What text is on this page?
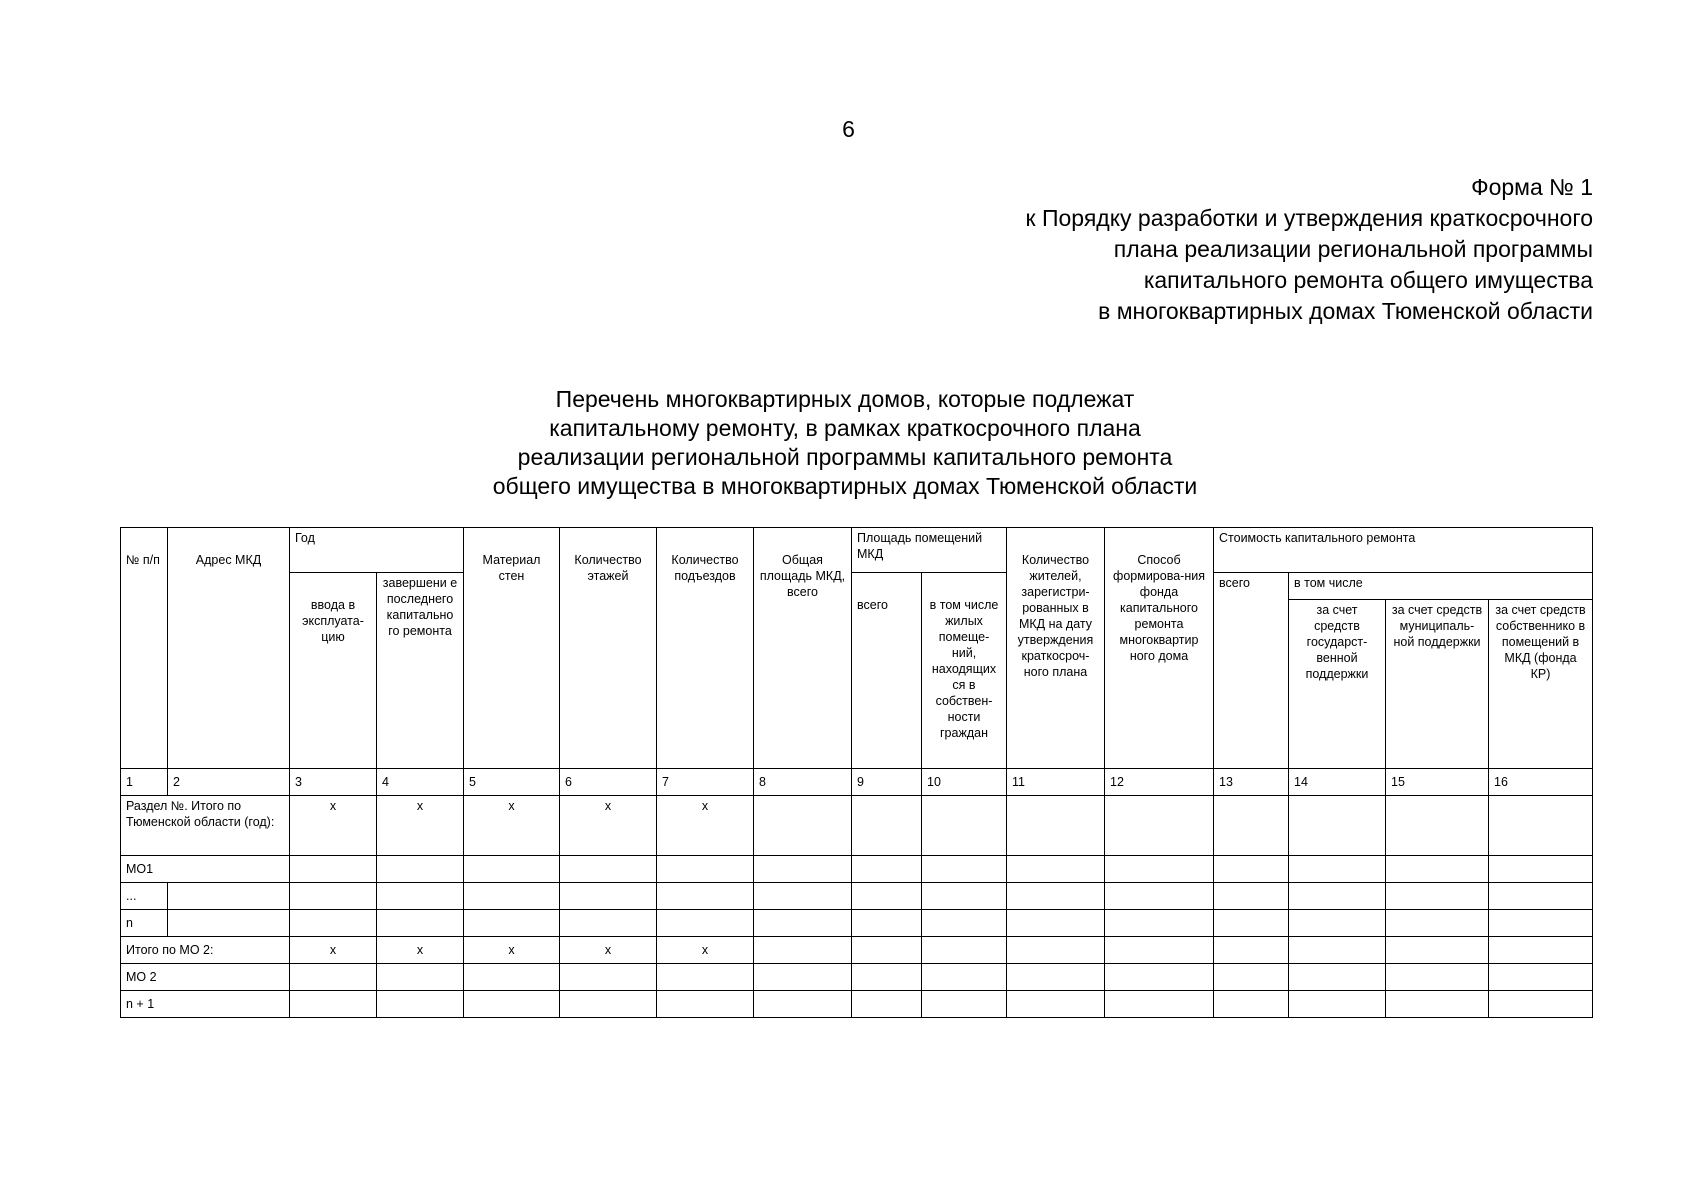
6
Форма № 1
к Порядку разработки и утверждения краткосрочного
плана реализации региональной программы
капитального ремонта общего имущества
в многоквартирных домах Тюменской области
Перечень многоквартирных домов, которые подлежат
капитальному ремонту, в рамках краткосрочного плана
реализации региональной программы капитального ремонта
общего имущества в многоквартирных домах Тюменской области
№ п/п	Адрес МКД	Год		Материал стен	Количество этажей	Количество подъездов	Общая площадь МКД, всего	Площадь помещений МКД		Количество жителей, зарегистри-рованных в МКД на дату утверждения краткосроч-ного плана	Способ формирова-ния фонда капитального ремонта многоквартир ного дома	Стоимость капитального ремонта			

		ввода в эксплуата-цию	завершени е последнего капитально го ремонта					всего	в том числе жилых помеще-ний, находящих ся в собствен-ности граждан			всего	в том числе		
													за счет средств государст-венной поддержки	за счет средств муниципаль-ной поддержки	за счет средств собственнико в помещений в МКД (фонда КР)
1	2	3	4	5	6	7	8	9	10	11	12	13	14	15	16
Раздел №. Итого по Тюменской области (год):		x	x	x	x	x									
МО1															
...															
n															
Итого по МО 2:		x	x	x	x	x									
МО 2															
n + 1															
